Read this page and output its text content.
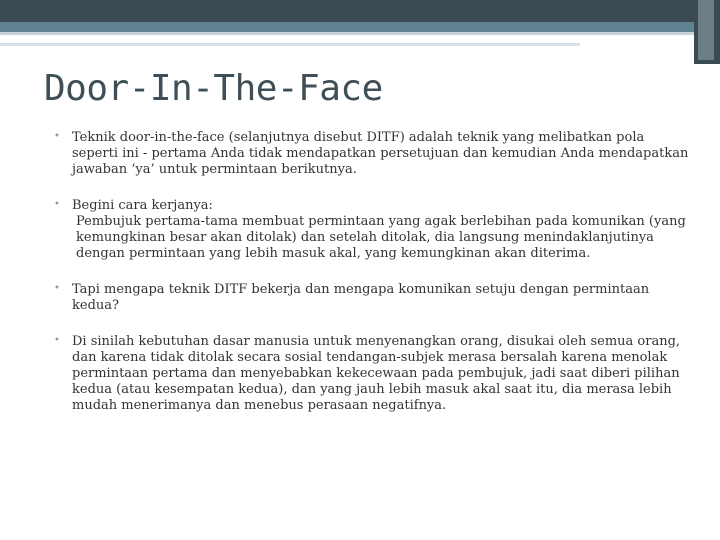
Door-In-The-Face
• Teknik door-in-the-face (selanjutnya disebut DITF) adalah teknik yang melibatkan pola seperti ini - pertama Anda tidak mendapatkan persetujuan dan kemudian Anda mendapatkan jawaban ‘ya’ untuk permintaan berikutnya.

• Begini cara kerjanya:

Pembujuk pertama-tama membuat permintaan yang agak berlebihan pada komunikan (yang kemungkinan besar akan ditolak) dan setelah ditolak, dia langsung menindaklanjutinya dengan permintaan yang lebih masuk akal, yang kemungkinan akan diterima.

• Tapi mengapa teknik DITF bekerja dan mengapa komunikan setuju dengan permintaan kedua?

• Di sinilah kebutuhan dasar manusia untuk menyenangkan orang, disukai oleh semua orang, dan karena tidak ditolak secara sosial tendangan-subjek merasa bersalah karena menolak permintaan pertama dan menyebabkan kekecewaan pada pembujuk, jadi saat diberi pilihan kedua (atau kesempatan kedua), dan yang jauh lebih masuk akal saat itu, dia merasa lebih mudah menerimanya dan menebus perasaan negatifnya.
